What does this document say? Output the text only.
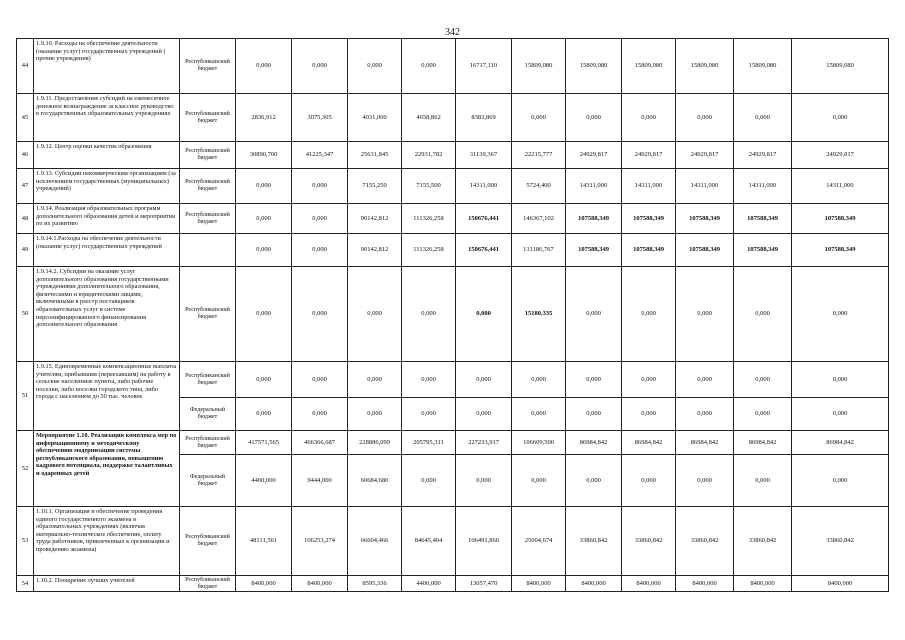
342
44	1.9.10. Расходы на обеспечение деятельности (оказание услуг) государственных учреждений ( прочие учреждения)	Республиканский бюджет	0,000	0,000	0,000	0,000	16717,110	15809,080	15809,080	15809,080	15809,080	15809,080	15809,080
45	1.9.11. Предоставление субсидий на ежемесячное денежное вознаграждение за классное руководство в государственных образовательных учреждениях	Республиканский бюджет	2836,912	3075,305	4031,000	4658,862	8383,869	0,000	0,000	0,000	0,000	0,000	0,000
46	1.9.12. Центр оценки качества образования	Республиканский бюджет	30890,700	41225,347	25631,845	22931,782	31139,367	22215,777	24929,817	24929,817	24929,817	24929,817	24929,817
47	1.9.13. Субсидии некоммерческим организациям (за исключением государственных (муниципальных) учреждений)	Республиканский бюджет	0,000	0,000	7155,250	7155,500	14311,000	5724,400	14311,000	14311,000	14311,000	14311,000	14311,000
48	1.9.14. Реализация образовательных программ дополнительного образования детей и мероприятия по их развитию	Республиканский бюджет	0,000	0,000	90142,812	111326,258	150676,441	146367,102	107588,349	107588,349	107588,349	107588,349	107588,349
49	1.9.14.1.Расходы на обеспечение деятельности (оказание услуг) государственных учреждений		0,000	0,000	90142,812	111326,258	150676,441	131186,767	107588,349	107588,349	107588,349	107588,349	107588,349
50	1.9.14.2. Субсидии на оказание услуг дополнительного образования государственными учреждениями дополнительного образования, физическими и юридическими лицами, включенными в реестр поставщиков образовательных услуг в системе персонифицированного финансирования дополнительного образования	Республиканский бюджет	0,000	0,000	0,000	0,000	0,000	15180,335	0,000	0,000	0,000	0,000	0,000
51	1.9.15. Единовременные компенсационные выплаты учителям, прибывшим (переехавшим) на работу в сельские населенные пункты, либо рабочие поселки, либо поселки городского типа, либо города с населением до 50 тыс. человек	Республиканский бюджет	0,000	0,000	0,000	0,000	0,000	0,000	0,000	0,000	0,000	0,000	0,000
		Федеральный бюджет	0,000	0,000	0,000	0,000	0,000	0,000	0,000	0,000	0,000	0,000	0,000
52	Мероприятие 1.10. Реализация комплекса мер по информационному и методическому обеспечению модернизации системы республиканского образования, повышению кадрового потенциала, поддержке талантливых и одаренных детей	Республиканский бюджет	417571,565	466366,687	228886,099	205795,311	227233,917	106609,500	86984,842	86984,842	86984,842	86984,842	86984,842
		Федеральный бюджет	4400,000	9444,000	60684,680	0,000	0,000	0,000	0,000	0,000	0,000	0,000	0,000
53	1.10.1. Организация и обеспечение проведения единого государственного экзамена в образовательных учреждениях (включая материально-техническое обеспечение, оплату труда работников, привлеченных к организации и проведению экзамена)	Республиканский бюджет	48111,561	106253,274	66604,466	84645,404	106491,866	25004,674	33860,842	33860,842	33860,842	33860,842	33860,842
54	1.10.2. Поощрение лучших учителей	Республиканский бюджет	8400,000	8400,000	8595,336	4400,000	13057,470	8400,000	8400,000	8400,000	8400,000	8400,000	8400,000
